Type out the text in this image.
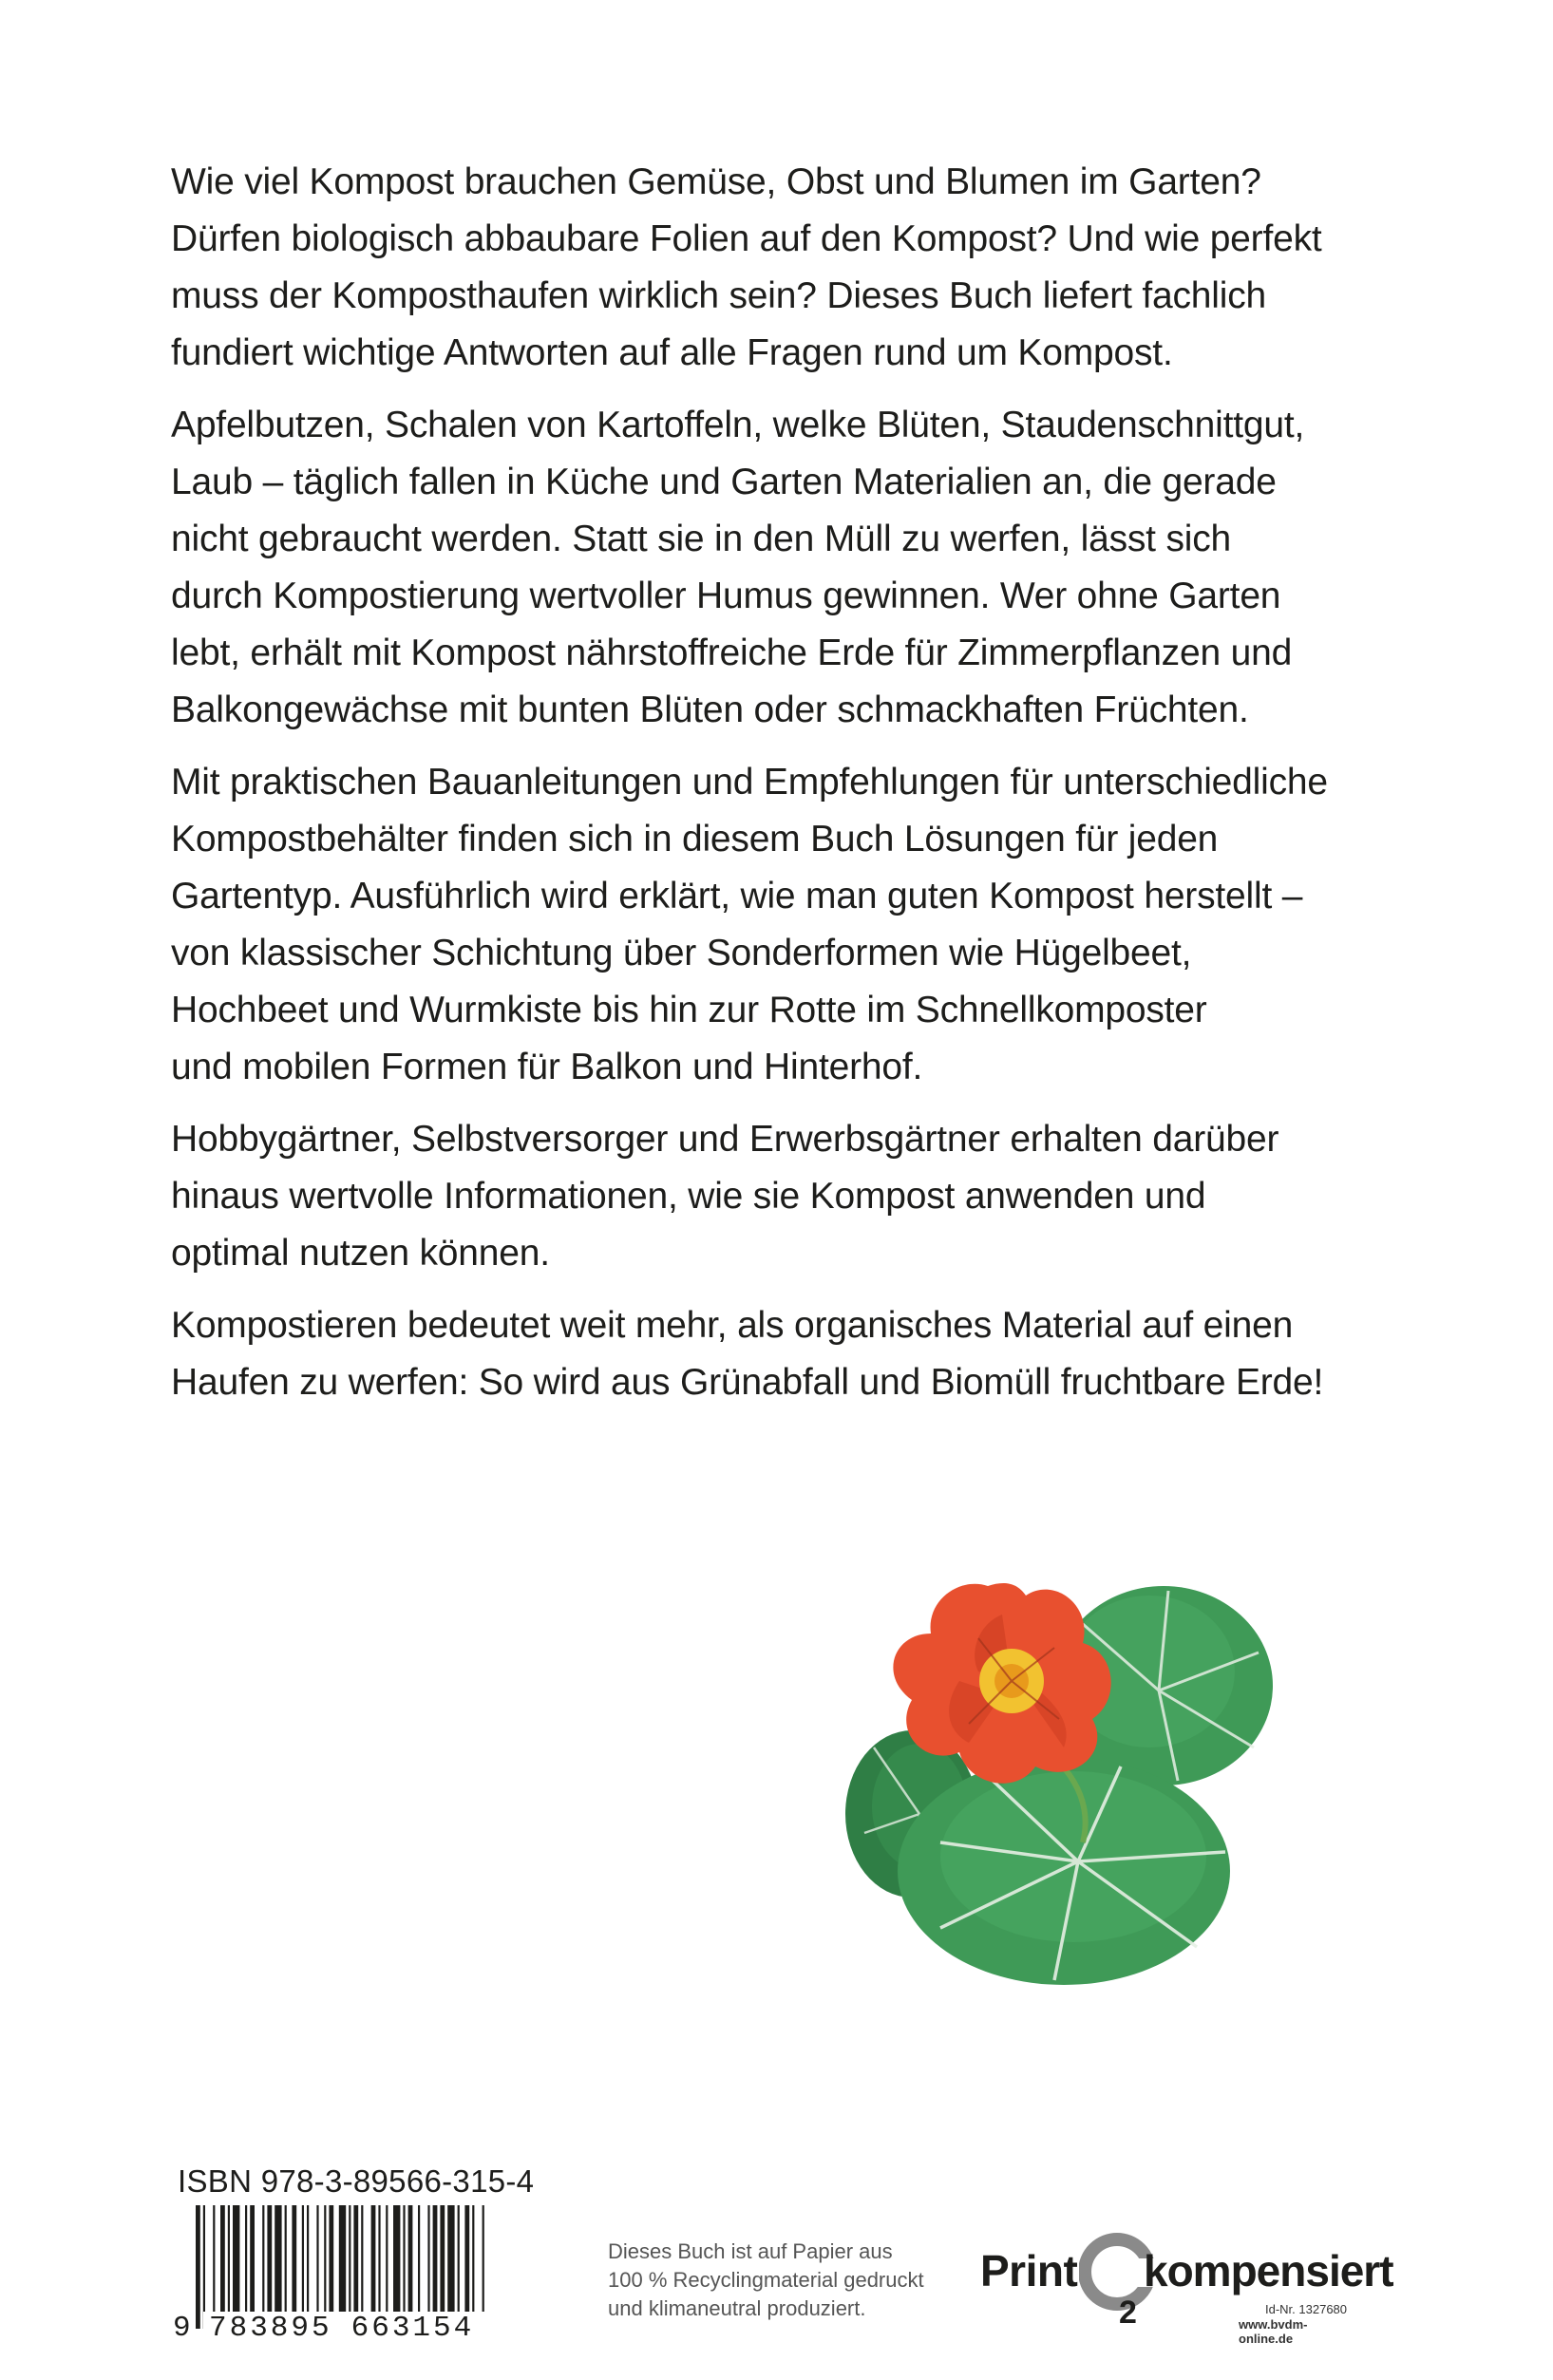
Wie viel Kompost brauchen Gemüse, Obst und Blumen im Garten?
Dürfen biologisch abbaubare Folien auf den Kompost? Und wie perfekt
muss der Komposthaufen wirklich sein? Dieses Buch liefert fachlich
fundiert wichtige Antworten auf alle Fragen rund um Kompost.

Apfelbutzen, Schalen von Kartoffeln, welke Blüten, Staudenschnittgut,
Laub – täglich fallen in Küche und Garten Materialien an, die gerade
nicht gebraucht werden. Statt sie in den Müll zu werfen, lässt sich
durch Kompostierung wertvoller Humus gewinnen. Wer ohne Garten
lebt, erhält mit Kompost nährstoffreiche Erde für Zimmerpflanzen und
Balkongewächse mit bunten Blüten oder schmackhaften Früchten.

Mit praktischen Bauanleitungen und Empfehlungen für unterschiedliche
Kompostbehälter finden sich in diesem Buch Lösungen für jeden
Gartentyp. Ausführlich wird erklärt, wie man guten Kompost herstellt –
von klassischer Schichtung über Sonderformen wie Hügelbeet,
Hochbeet und Wurmkiste bis hin zur Rotte im Schnellkomposter
und mobilen Formen für Balkon und Hinterhof.

Hobbygärtner, Selbstversorger und Erwerbsgärtner erhalten darüber
hinaus wertvolle Informationen, wie sie Kompost anwenden und
optimal nutzen können.

Kompostieren bedeutet weit mehr, als organisches Material auf einen
Haufen zu werfen: So wird aus Grünabfall und Biomüll fruchtbare Erde!

ISBN 978-3-89566-315-4
9 783895 663154
Dieses Buch ist auf Papier aus
100 % Recyclingmaterial gedruckt
und klimaneutral produziert.
Print
2
kompensiert
Id-Nr. 1327680
www.bvdm-online.de
